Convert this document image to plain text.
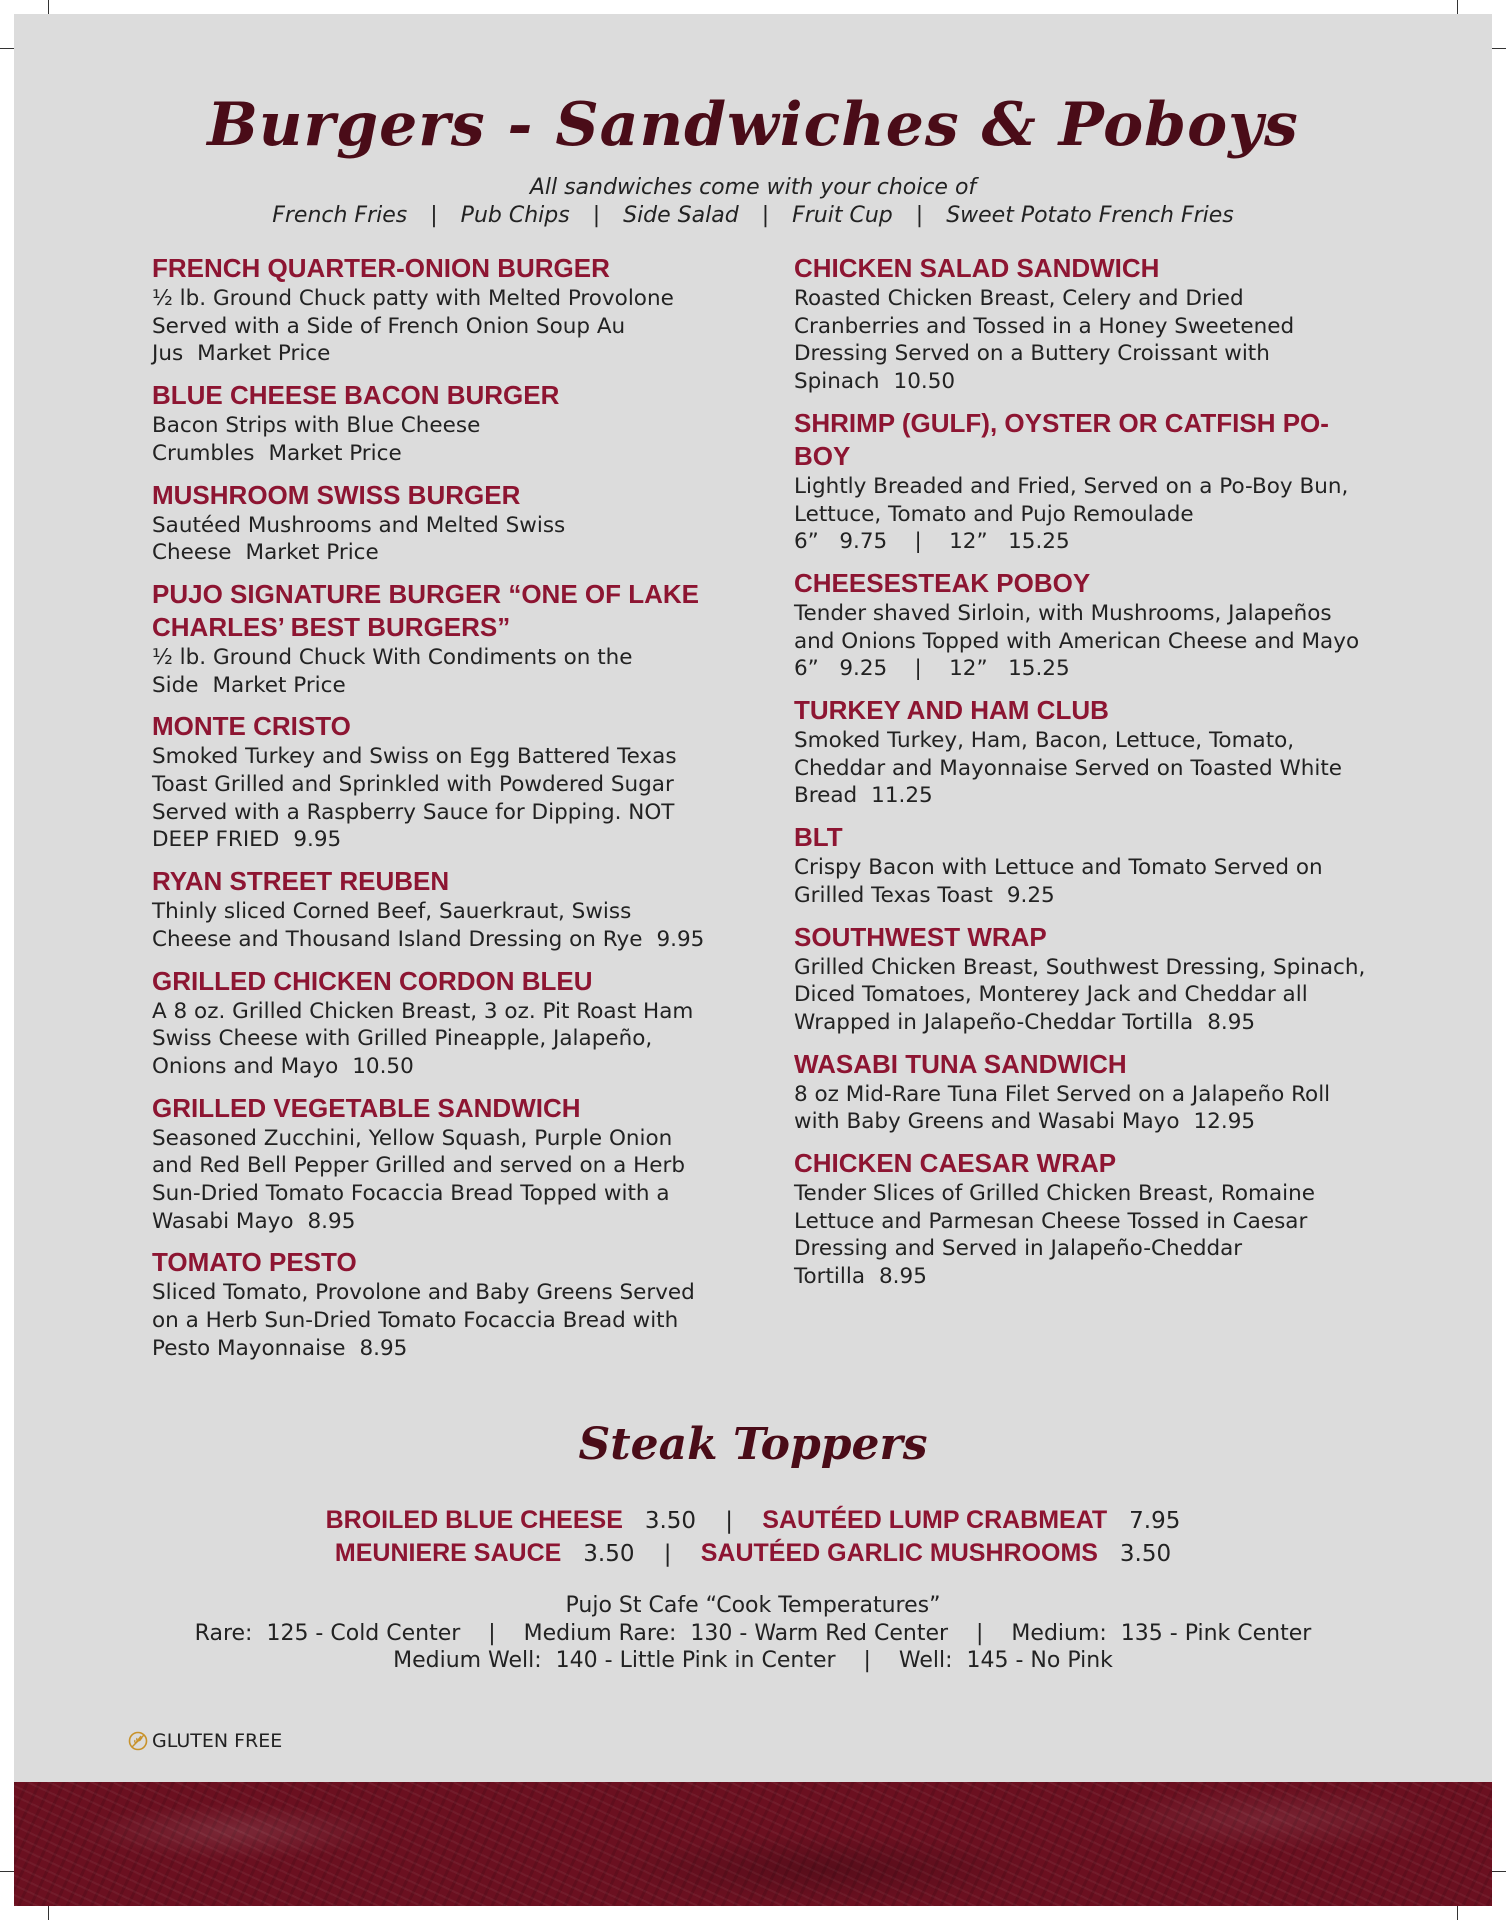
Burgers - Sandwiches & Poboys
All sandwiches come with your choice of
French Fries | Pub Chips | Side Salad | Fruit Cup | Sweet Potato French Fries

FRENCH QUARTER-ONION BURGER

½ lb. Ground Chuck patty with Melted Provolone Served with a Side of French Onion Soup Au Jus Market Price

BLUE CHEESE BACON BURGER

Bacon Strips with Blue Cheese Crumbles Market Price

MUSHROOM SWISS BURGER

Sautéed Mushrooms and Melted Swiss Cheese Market Price

PUJO SIGNATURE BURGER “ONE OF LAKE CHARLES’ BEST BURGERS”

½ lb. Ground Chuck With Condiments on the Side Market Price

MONTE CRISTO

Smoked Turkey and Swiss on Egg Battered Texas Toast Grilled and Sprinkled with Powdered Sugar Served with a Raspberry Sauce for Dipping. NOT DEEP FRIED 9.95

RYAN STREET REUBEN

Thinly sliced Corned Beef, Sauerkraut, Swiss Cheese and Thousand Island Dressing on Rye 9.95

GRILLED CHICKEN CORDON BLEU

A 8 oz. Grilled Chicken Breast, 3 oz. Pit Roast Ham Swiss Cheese with Grilled Pineapple, Jalapeño, Onions and Mayo 10.50

GRILLED VEGETABLE SANDWICH

Seasoned Zucchini, Yellow Squash, Purple Onion and Red Bell Pepper Grilled and served on a Herb Sun-Dried Tomato Focaccia Bread Topped with a Wasabi Mayo 8.95

TOMATO PESTO

Sliced Tomato, Provolone and Baby Greens Served on a Herb Sun-Dried Tomato Focaccia Bread with Pesto Mayonnaise 8.95

CHICKEN SALAD SANDWICH

Roasted Chicken Breast, Celery and Dried Cranberries and Tossed in a Honey Sweetened Dressing Served on a Buttery Croissant with Spinach 10.50

SHRIMP (GULF), OYSTER OR CATFISH PO-BOY

Lightly Breaded and Fried, Served on a Po-Boy Bun, Lettuce, Tomato and Pujo Remoulade

6”   9.75    |    12”   15.25

CHEESESTEAK POBOY

Tender shaved Sirloin, with Mushrooms, Jalapeños and Onions Topped with American Cheese and Mayo

6”   9.25    |    12”   15.25

TURKEY AND HAM CLUB

Smoked Turkey, Ham, Bacon, Lettuce, Tomato, Cheddar and Mayonnaise Served on Toasted White Bread 11.25

BLT

Crispy Bacon with Lettuce and Tomato Served on Grilled Texas Toast 9.25

SOUTHWEST WRAP

Grilled Chicken Breast, Southwest Dressing, Spinach, Diced Tomatoes, Monterey Jack and Cheddar all Wrapped in Jalapeño-Cheddar Tortilla 8.95

WASABI TUNA SANDWICH

8 oz Mid-Rare Tuna Filet Served on a Jalapeño Roll with Baby Greens and Wasabi Mayo 12.95

CHICKEN CAESAR WRAP

Tender Slices of Grilled Chicken Breast, Romaine Lettuce and Parmesan Cheese Tossed in Caesar Dressing and Served in Jalapeño-Cheddar Tortilla 8.95

Steak Toppers
BROILED BLUE CHEESE 3.50    |    SAUTÉED LUMP CRABMEAT 7.95
MEUNIERE SAUCE 3.50    |    SAUTÉED GARLIC MUSHROOMS 3.50
Pujo St Cafe “Cook Temperatures”
Rare:  125 - Cold Center    |    Medium Rare:  130 - Warm Red Center    |    Medium:  135 - Pink Center
Medium Well:  140 - Little Pink in Center    |    Well:  145 - No Pink
GLUTEN FREE
